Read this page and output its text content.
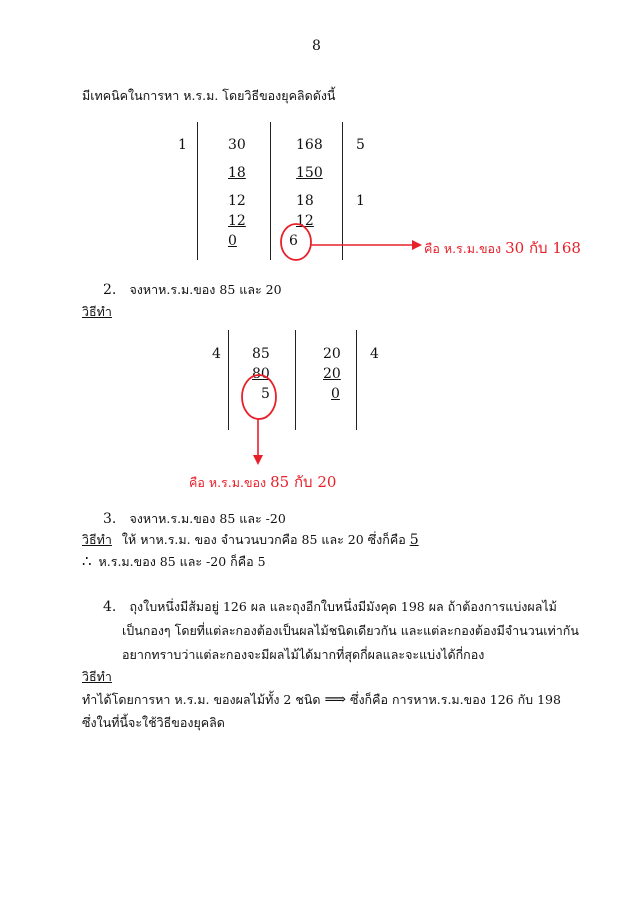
8
มีเทคนิคในการหา ห.ร.ม. โดยวิธีของยุคลิดดังนี้
1	30
18
12
12
0
168
150
18
12
6
5
1
คือ ห.ร.ม.ของ 30 กับ 168
2. จงหาห.ร.ม.ของ 85 และ 20
วิธีทำ
4 85
80
5
20
20
0
4
คือ ห.ร.ม.ของ 85 กับ 20
3. จงหาห.ร.ม.ของ 85 และ -20
วิธีทำ ให้ หาห.ร.ม. ของ จำนวนบวกคือ 85 และ 20 ซึ่งก็คือ 5
∴ ห.ร.ม.ของ 85 และ -20 ก็คือ 5
4. ถุงใบหนึ่งมีส้มอยู่ 126 ผล และถุงอีกใบหนึ่งมีมังคุด 198 ผล ถ้าต้องการแบ่งผลไม้
เป็นกองๆ โดยที่แต่ละกองต้องเป็นผลไม้ชนิดเดียวกัน และแต่ละกองต้องมีจำนวนเท่ากัน
อยากทราบว่าแต่ละกองจะมีผลไม้ได้มากที่สุดกี่ผลและจะแบ่งได้กี่กอง
วิธีทำ
ทำได้โดยการหา ห.ร.ม. ของผลไม้ทั้ง 2 ชนิด ⟹ ซึ่งก็คือ การหาห.ร.ม.ของ 126 กับ 198
ซึ่งในที่นี้จะใช้วิธีของยุคลิด
